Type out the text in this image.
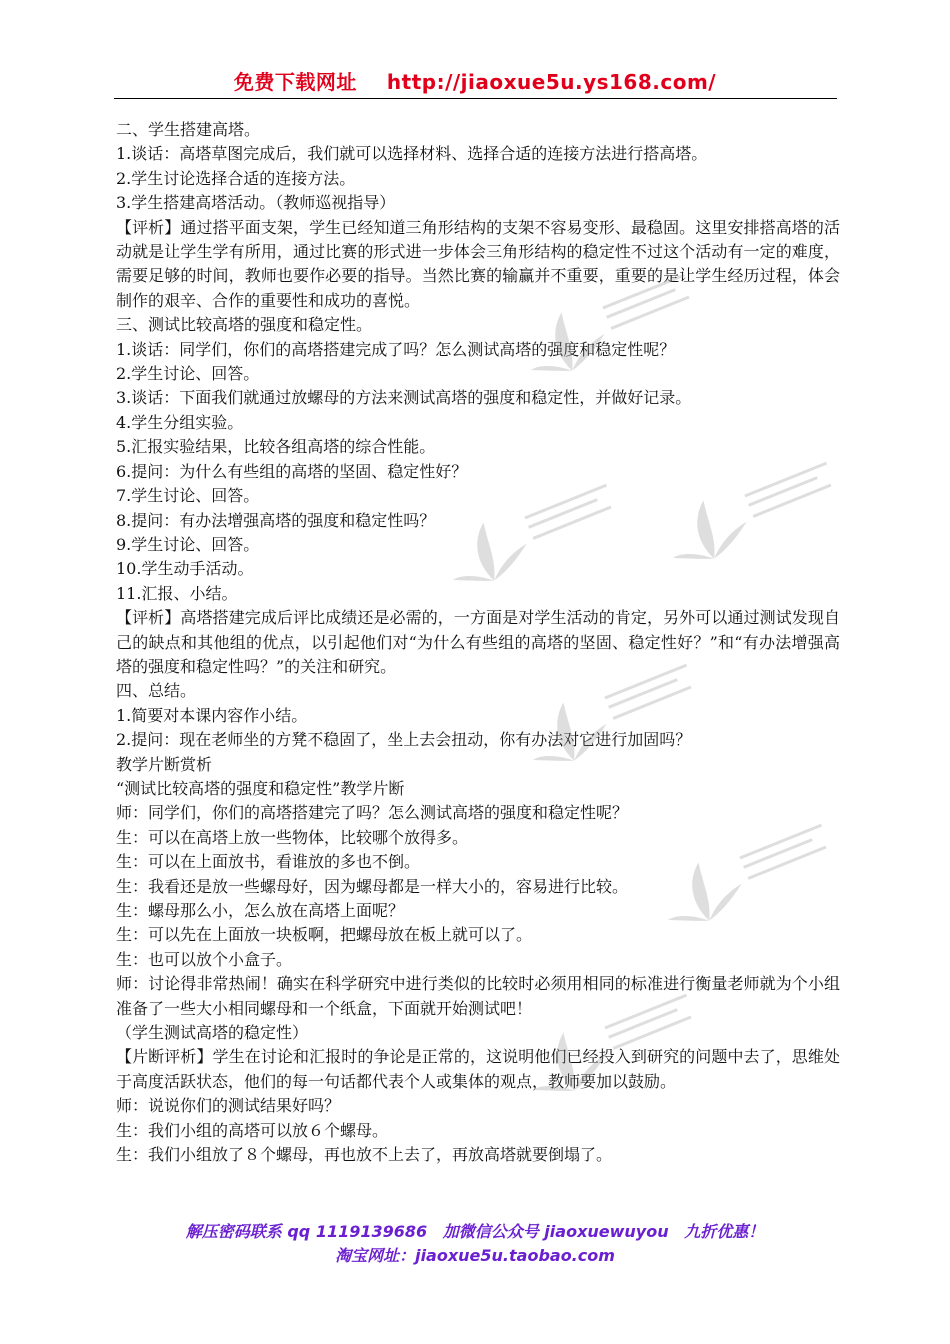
免费下载网址 http://jiaoxue5u.ys168.com/

二、学生搭建高塔。

1.谈话：高塔草图完成后，我们就可以选择材料、选择合适的连接方法进行搭高塔。

2.学生讨论选择合适的连接方法。

3.学生搭建高塔活动。（教师巡视指导）

【评析】通过搭平面支架，学生已经知道三角形结构的支架不容易变形、最稳固。这里安排搭高塔的活动就是让学生学有所用，通过比赛的形式进一步体会三角形结构的稳定性不过这个活动有一定的难度，需要足够的时间，教师也要作必要的指导。当然比赛的输赢并不重要，重要的是让学生经历过程，体会制作的艰辛、合作的重要性和成功的喜悦。

三、测试比较高塔的强度和稳定性。

1.谈话：同学们，你们的高塔搭建完成了吗？怎么测试高塔的强度和稳定性呢？

2.学生讨论、回答。

3.谈话：下面我们就通过放螺母的方法来测试高塔的强度和稳定性，并做好记录。

4.学生分组实验。

5.汇报实验结果，比较各组高塔的综合性能。

6.提问：为什么有些组的高塔的坚固、稳定性好？

7.学生讨论、回答。

8.提问：有办法增强高塔的强度和稳定性吗？

9.学生讨论、回答。

10.学生动手活动。

11.汇报、小结。

【评析】高塔搭建完成后评比成绩还是必需的，一方面是对学生活动的肯定，另外可以通过测试发现自己的缺点和其他组的优点，以引起他们对“为什么有些组的高塔的坚固、稳定性好？”和“有办法增强高塔的强度和稳定性吗？”的关注和研究。

四、总结。

1.简要对本课内容作小结。

2.提问：现在老师坐的方凳不稳固了，坐上去会扭动，你有办法对它进行加固吗？

教学片断赏析

“测试比较高塔的强度和稳定性”教学片断

师：同学们，你们的高塔搭建完了吗？怎么测试高塔的强度和稳定性呢？

生：可以在高塔上放一些物体，比较哪个放得多。

生：可以在上面放书，看谁放的多也不倒。

生：我看还是放一些螺母好，因为螺母都是一样大小的，容易进行比较。

生：螺母那么小，怎么放在高塔上面呢？

生：可以先在上面放一块板啊，把螺母放在板上就可以了。

生：也可以放个小盒子。

师：讨论得非常热闹！确实在科学研究中进行类似的比较时必须用相同的标准进行衡量老师就为个小组准备了一些大小相同螺母和一个纸盒，下面就开始测试吧！

（学生测试高塔的稳定性）

【片断评析】学生在讨论和汇报时的争论是正常的，这说明他们已经投入到研究的问题中去了，思维处于高度活跃状态，他们的每一句话都代表个人或集体的观点，教师要加以鼓励。

师：说说你们的测试结果好吗？

生：我们小组的高塔可以放６个螺母。

生：我们小组放了８个螺母，再也放不上去了，再放高塔就要倒塌了。

解压密码联系 qq 1119139686 加微信公众号 jiaoxuewuyou 九折优惠！
淘宝网址：jiaoxue5u.taobao.com
